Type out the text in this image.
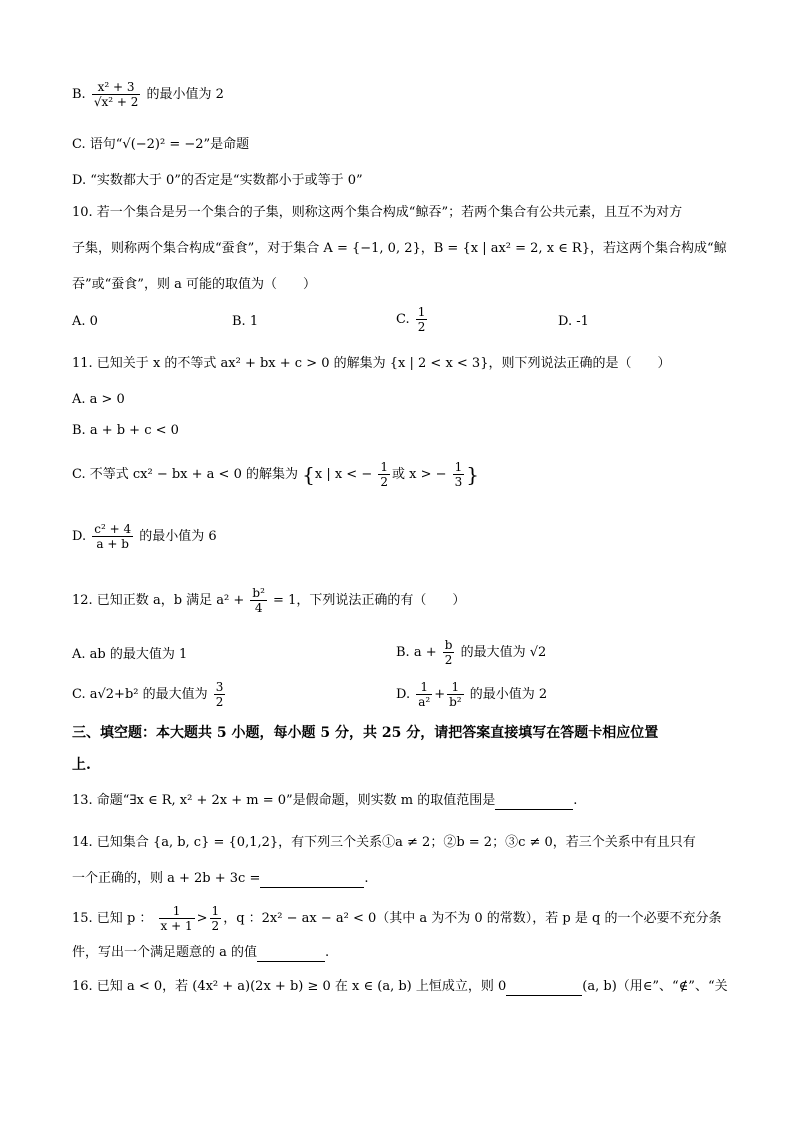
B. $\frac{\text{x² + 3}}{\text{√x² + 2}}$ 的最小值为 2
C. 语句“√(−2)² = −2”是命题
D. “实数都大于 0”的否定是“实数都小于或等于 0”
10. 若一个集合是另一个集合的子集，则称这两个集合构成“鲸吞”；若两个集合有公共元素，且互不为对方
子集，则称两个集合构成“蚕食”，对于集合 A = {−1, 0, 2}，B = {x | ax² = 2, x ∈ R}，若这两个集合构成“鲸
吞”或“蚕食”，则 a 可能的取值为（　　）
A. 0	B. 1	C. $\frac{1}{2}$	D. -1
11. 已知关于 x 的不等式 ax² + bx + c > 0 的解集为 {x | 2 < x < 3}，则下列说法正确的是（　　）
A. a > 0
B. a + b + c < 0
C. 不等式 cx² − bx + a < 0 的解集为 {x | x < − $\frac{1}{2}$ 或 x > − $\frac{1}{3}$ }
D. $\frac{\text{c² + 4}}{a + b}$ 的最小值为 6
12. 已知正数 a，b 满足 $a^2 + \frac{\text{b²}}{4} = 1$，下列说法正确的有（　　）
A. ab 的最大值为 1	B. $a + \frac{b}{2}$ 的最大值为 √2
C. a√2+b² 的最大值为 $\frac{3}{2}$	D. $\frac{1}{\text{a²}} + \frac{1}{\text{b²}}$ 的最小值为 2
三、填空题：本大题共 5 小题，每小题 5 分，共 25 分，请把答案直接填写在答题卡相应位置
上.
13. 命题“∃x ∈ R, x² + 2x + m = 0”是假命题，则实数 m 的取值范围是	.
14. 已知集合 {a, b, c} = {0,1,2}，有下列三个关系①a ≠ 2；②b = 2；③c ≠ 0，若三个关系中有且只有
一个正确的，则 a + 2b + 3c =	.
15. 已知 p ： $\frac{1}{x + 1} > \frac{1}{2}$ ，q ：2x² − ax − a² < 0（其中 a 为不为 0 的常数），若 p 是 q 的一个必要不充分条
件，写出一个满足题意的 a 的值	.
16. 已知 a < 0，若 (4x² + a)(2x + b) ≥ 0 在 x ∈ (a, b) 上恒成立，则 0	(a, b)（用∈”、“∉”、“关
